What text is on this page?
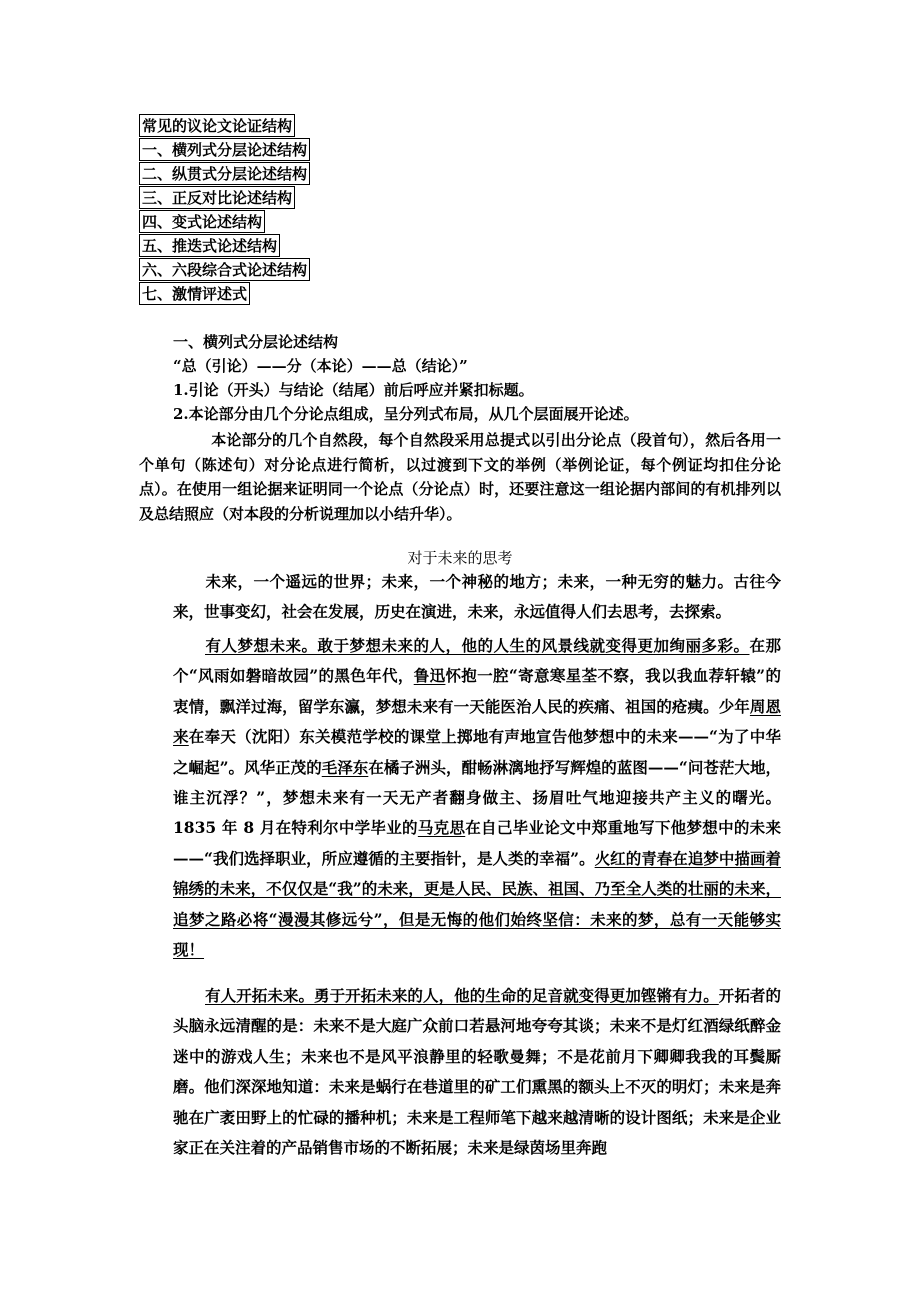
常见的议论文论证结构
一、横列式分层论述结构
二、纵贯式分层论述结构
三、正反对比论述结构
四、变式论述结构
五、推迭式论述结构
六、六段综合式论述结构
七、激情评述式
一、横列式分层论述结构
“总（引论）——分（本论）——总（结论）”
1.引论（开头）与结论（结尾）前后呼应并紧扣标题。
2.本论部分由几个分论点组成，呈分列式布局，从几个层面展开论述。
本论部分的几个自然段，每个自然段采用总提式以引出分论点（段首句），然后各用一个单句（陈述句）对分论点进行简析，以过渡到下文的举例（举例论证，每个例证均扣住分论点）。在使用一组论据来证明同一个论点（分论点）时，还要注意这一组论据内部间的有机排列以及总结照应（对本段的分析说理加以小结升华）。
对于未来的思考
未来，一个遥远的世界；未来，一个神秘的地方；未来，一种无穷的魅力。古往今来，世事变幻，社会在发展，历史在演进，未来，永远值得人们去思考，去探索。
有人梦想未来。敢于梦想未来的人，他的人生的风景线就变得更加绚丽多彩。在那个“风雨如磐暗故园”的黑色年代，鲁迅怀抱一腔“寄意寒星荃不察，我以我血荐轩辕”的衷情，飘洋过海，留学东瀛，梦想未来有一天能医治人民的疾痛、祖国的疮痍。少年周恩来在奉天（沈阳）东关模范学校的课堂上掷地有声地宣告他梦想中的未来——“为了中华之崛起”。风华正茂的毛泽东在橘子洲头，酣畅淋漓地抒写辉煌的蓝图——“问苍茫大地，谁主沉浮？”，梦想未来有一天无产者翻身做主、扬眉吐气地迎接共产主义的曙光。1835 年 8 月在特利尔中学毕业的马克思在自己毕业论文中郑重地写下他梦想中的未来——“我们选择职业，所应遵循的主要指针，是人类的幸福”。火红的青春在追梦中描画着锦绣的未来，不仅仅是“我”的未来，更是人民、民族、祖国、乃至全人类的壮丽的未来，追梦之路必将“漫漫其修远兮”，但是无悔的他们始终坚信：未来的梦，总有一天能够实现！
有人开拓未来。勇于开拓未来的人，他的生命的足音就变得更加铿锵有力。开拓者的头脑永远清醒的是：未来不是大庭广众前口若悬河地夸夸其谈；未来不是灯红酒绿纸醉金迷中的游戏人生；未来也不是风平浪静里的轻歌曼舞；不是花前月下卿卿我我的耳鬓厮磨。他们深深地知道：未来是蜗行在巷道里的矿工们熏黑的额头上不灭的明灯；未来是奔驰在广袤田野上的忙碌的播种机；未来是工程师笔下越来越清晰的设计图纸；未来是企业家正在关注着的产品销售市场的不断拓展；未来是绿茵场里奔跑
